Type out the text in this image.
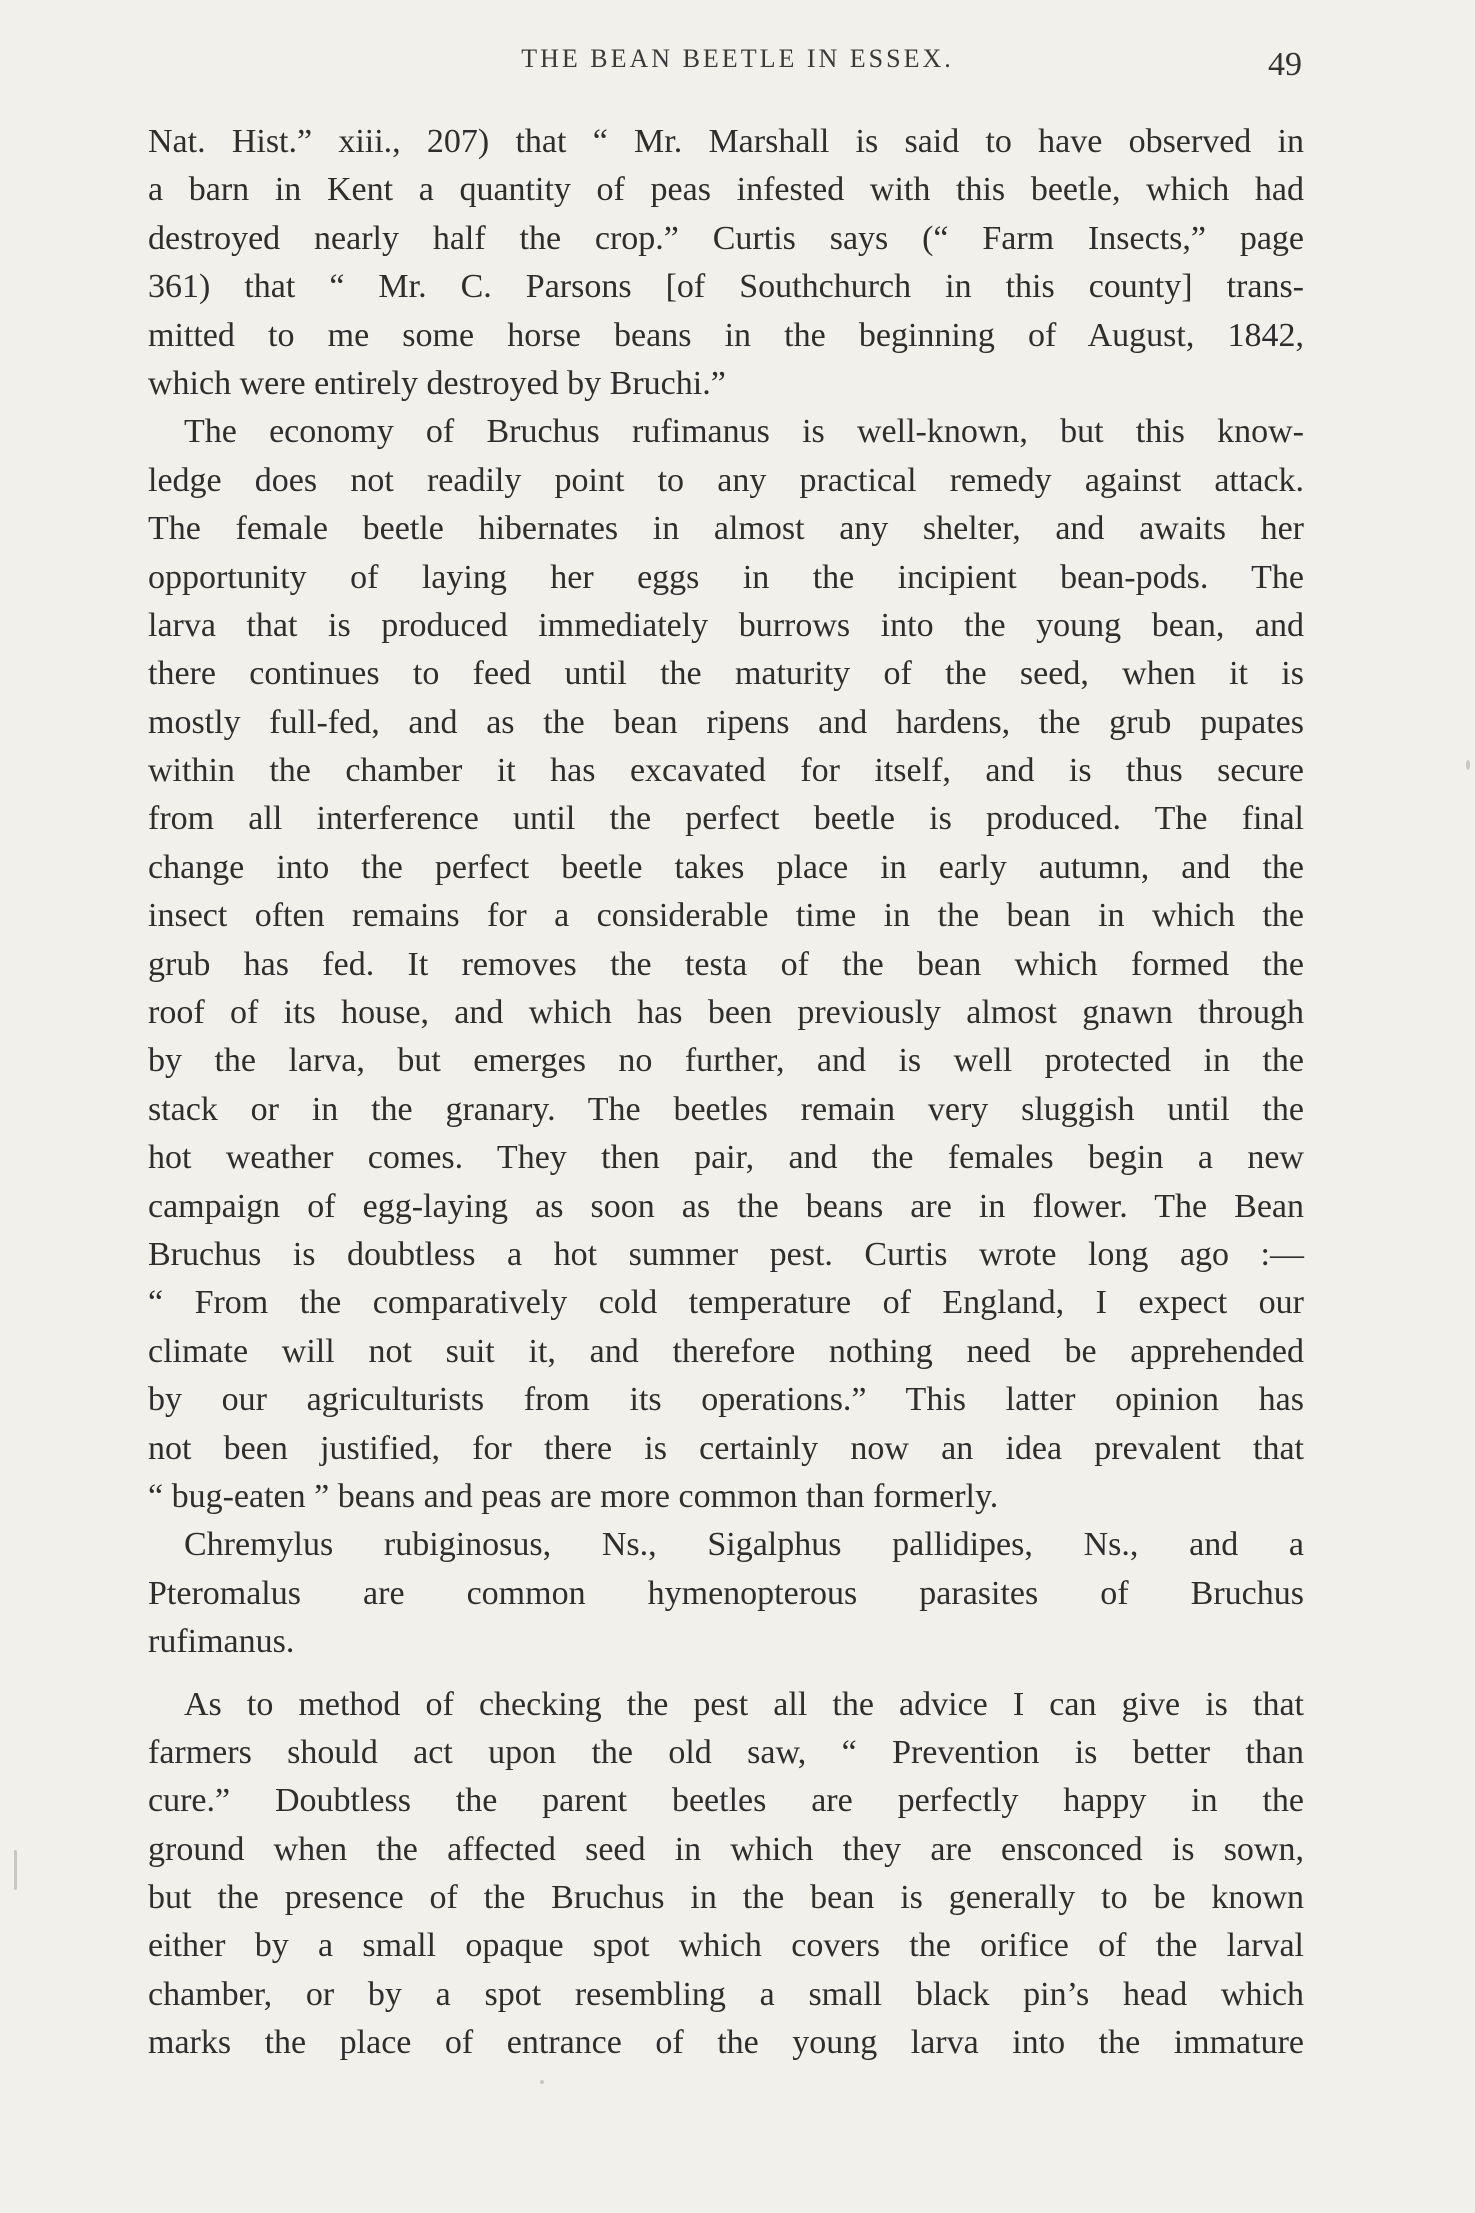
THE BEAN BEETLE IN ESSEX.	49
Nat. Hist.” xiii., 207) that “ Mr. Marshall is said to have observed in
a barn in Kent a quantity of peas infested with this beetle, which had
destroyed nearly half the crop.” Curtis says (“ Farm Insects,” page
361) that “ Mr. C. Parsons [of Southchurch in this county] trans-
mitted to me some horse beans in the beginning of August, 1842,
which were entirely destroyed by Bruchi.”
The economy of Bruchus rufimanus is well-known, but this know-
ledge does not readily point to any practical remedy against attack.
The female beetle hibernates in almost any shelter, and awaits her
opportunity of laying her eggs in the incipient bean-pods. The
larva that is produced immediately burrows into the young bean, and
there continues to feed until the maturity of the seed, when it is
mostly full-fed, and as the bean ripens and hardens, the grub pupates
within the chamber it has excavated for itself, and is thus secure
from all interference until the perfect beetle is produced. The final
change into the perfect beetle takes place in early autumn, and the
insect often remains for a considerable time in the bean in which the
grub has fed. It removes the testa of the bean which formed the
roof of its house, and which has been previously almost gnawn through
by the larva, but emerges no further, and is well protected in the
stack or in the granary. The beetles remain very sluggish until the
hot weather comes. They then pair, and the females begin a new
campaign of egg-laying as soon as the beans are in flower. The Bean
Bruchus is doubtless a hot summer pest. Curtis wrote long ago :—
“ From the comparatively cold temperature of England, I expect our
climate will not suit it, and therefore nothing need be apprehended
by our agriculturists from its operations.” This latter opinion has
not been justified, for there is certainly now an idea prevalent that
“ bug-eaten ” beans and peas are more common than formerly.
Chremylus rubiginosus, Ns., Sigalphus pallidipes, Ns., and a
Pteromalus are common hymenopterous parasites of Bruchus
rufimanus.
As to method of checking the pest all the advice I can give is that
farmers should act upon the old saw, “ Prevention is better than
cure.” Doubtless the parent beetles are perfectly happy in the
ground when the affected seed in which they are ensconced is sown,
but the presence of the Bruchus in the bean is generally to be known
either by a small opaque spot which covers the orifice of the larval
chamber, or by a spot resembling a small black pin’s head which
marks the place of entrance of the young larva into the immature
